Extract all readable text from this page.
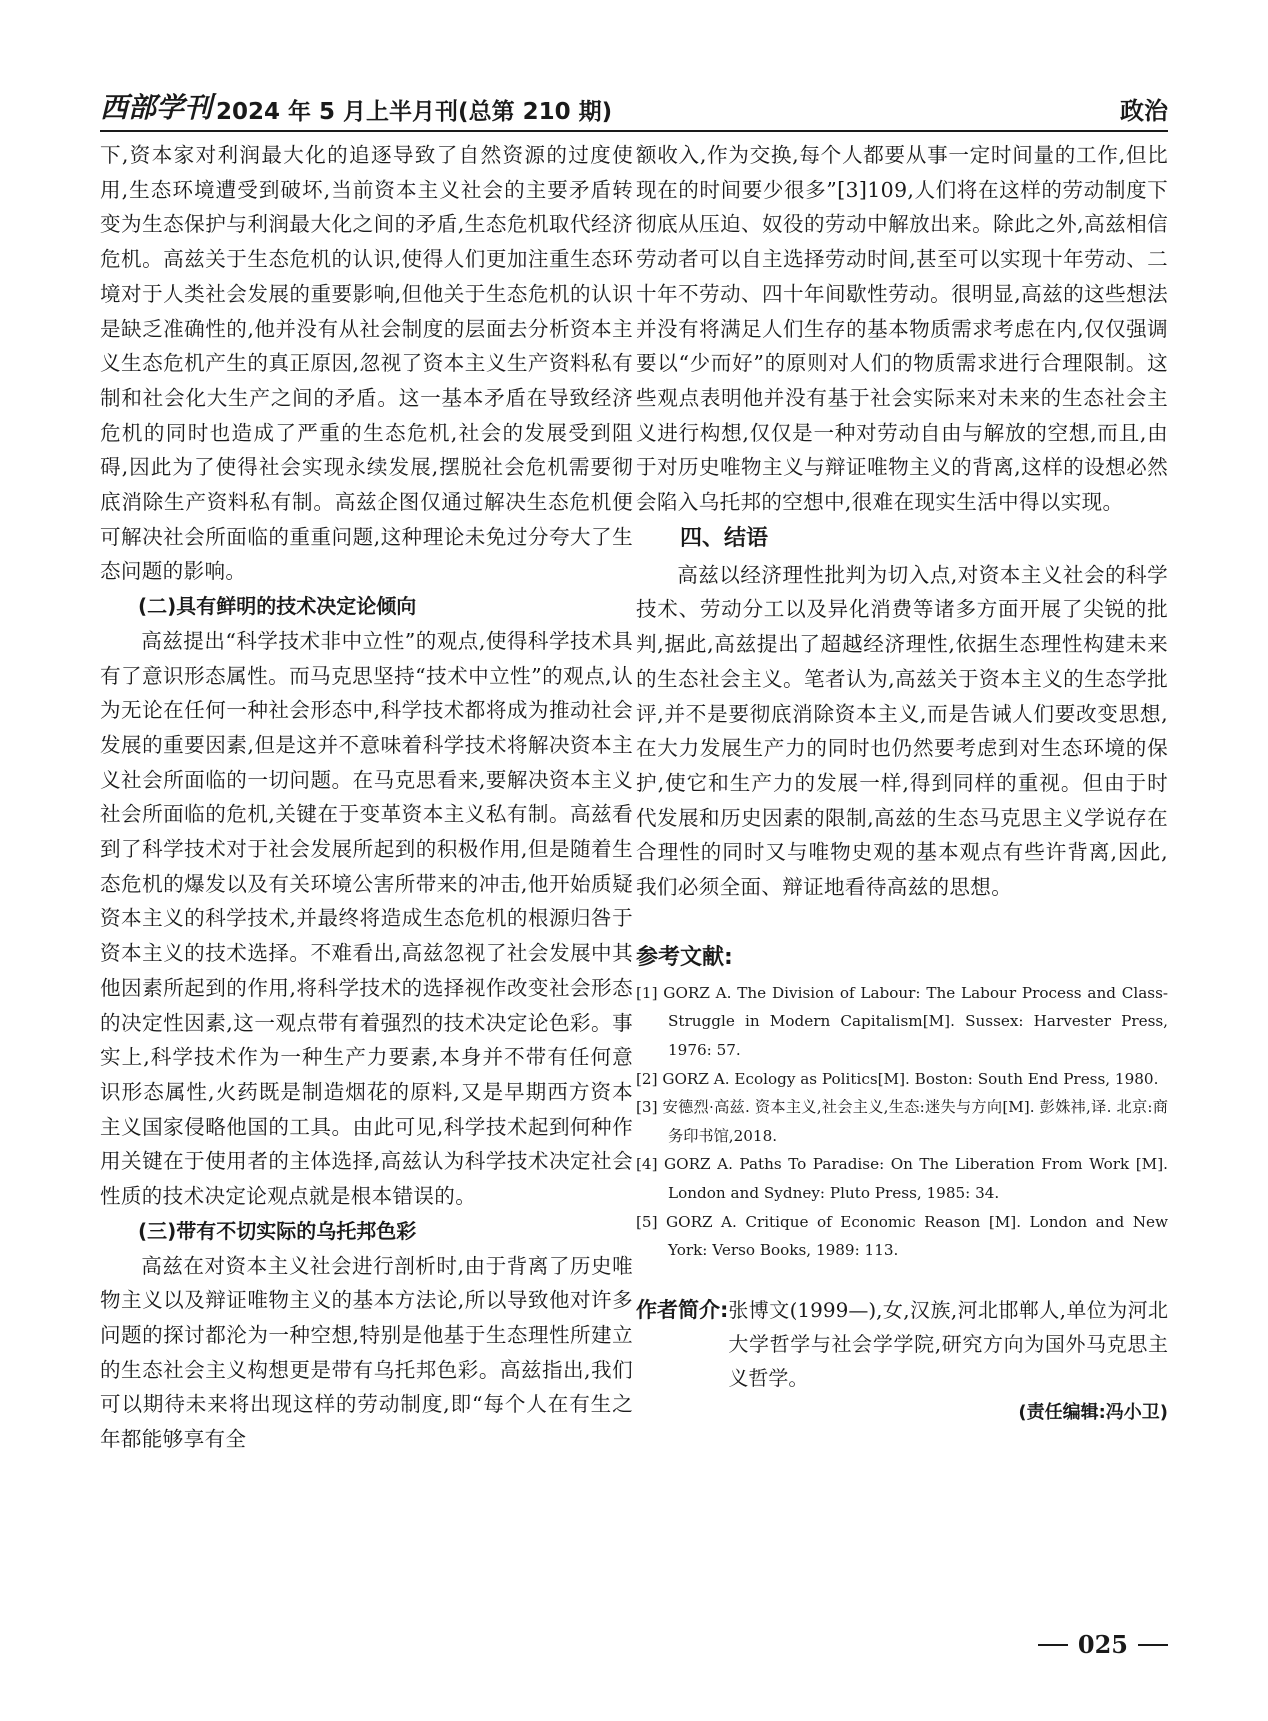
西部学刊 2024 年 5 月上半月刊(总第 210 期)	政治

下,资本家对利润最大化的追逐导致了自然资源的过度使用,生态环境遭受到破坏,当前资本主义社会的主要矛盾转变为生态保护与利润最大化之间的矛盾,生态危机取代经济危机。高兹关于生态危机的认识,使得人们更加注重生态环境对于人类社会发展的重要影响,但他关于生态危机的认识是缺乏准确性的,他并没有从社会制度的层面去分析资本主义生态危机产生的真正原因,忽视了资本主义生产资料私有制和社会化大生产之间的矛盾。这一基本矛盾在导致经济危机的同时也造成了严重的生态危机,社会的发展受到阻碍,因此为了使得社会实现永续发展,摆脱社会危机需要彻底消除生产资料私有制。高兹企图仅通过解决生态危机便可解决社会所面临的重重问题,这种理论未免过分夸大了生态问题的影响。

(二)具有鲜明的技术决定论倾向

高兹提出“科学技术非中立性”的观点,使得科学技术具有了意识形态属性。而马克思坚持“技术中立性”的观点,认为无论在任何一种社会形态中,科学技术都将成为推动社会发展的重要因素,但是这并不意味着科学技术将解决资本主义社会所面临的一切问题。在马克思看来,要解决资本主义社会所面临的危机,关键在于变革资本主义私有制。高兹看到了科学技术对于社会发展所起到的积极作用,但是随着生态危机的爆发以及有关环境公害所带来的冲击,他开始质疑资本主义的科学技术,并最终将造成生态危机的根源归咎于资本主义的技术选择。不难看出,高兹忽视了社会发展中其他因素所起到的作用,将科学技术的选择视作改变社会形态的决定性因素,这一观点带有着强烈的技术决定论色彩。事实上,科学技术作为一种生产力要素,本身并不带有任何意识形态属性,火药既是制造烟花的原料,又是早期西方资本主义国家侵略他国的工具。由此可见,科学技术起到何种作用关键在于使用者的主体选择,高兹认为科学技术决定社会性质的技术决定论观点就是根本错误的。

(三)带有不切实际的乌托邦色彩

高兹在对资本主义社会进行剖析时,由于背离了历史唯物主义以及辩证唯物主义的基本方法论,所以导致他对许多问题的探讨都沦为一种空想,特别是他基于生态理性所建立的生态社会主义构想更是带有乌托邦色彩。高兹指出,我们可以期待未来将出现这样的劳动制度,即“每个人在有生之年都能够享有全

额收入,作为交换,每个人都要从事一定时间量的工作,但比现在的时间要少很多”[3]109,人们将在这样的劳动制度下彻底从压迫、奴役的劳动中解放出来。除此之外,高兹相信劳动者可以自主选择劳动时间,甚至可以实现十年劳动、二十年不劳动、四十年间歇性劳动。很明显,高兹的这些想法并没有将满足人们生存的基本物质需求考虑在内,仅仅强调要以“少而好”的原则对人们的物质需求进行合理限制。这些观点表明他并没有基于社会实际来对未来的生态社会主义进行构想,仅仅是一种对劳动自由与解放的空想,而且,由于对历史唯物主义与辩证唯物主义的背离,这样的设想必然会陷入乌托邦的空想中,很难在现实生活中得以实现。

四、结语

高兹以经济理性批判为切入点,对资本主义社会的科学技术、劳动分工以及异化消费等诸多方面开展了尖锐的批判,据此,高兹提出了超越经济理性,依据生态理性构建未来的生态社会主义。笔者认为,高兹关于资本主义的生态学批评,并不是要彻底消除资本主义,而是告诫人们要改变思想,在大力发展生产力的同时也仍然要考虑到对生态环境的保护,使它和生产力的发展一样,得到同样的重视。但由于时代发展和历史因素的限制,高兹的生态马克思主义学说存在合理性的同时又与唯物史观的基本观点有些许背离,因此,我们必须全面、辩证地看待高兹的思想。

参考文献:
[1] GORZ A. The Division of Labour: The Labour Process and Class-Struggle in Modern Capitalism[M]. Sussex: Harvester Press, 1976: 57.
[2] GORZ A. Ecology as Politics[M]. Boston: South End Press, 1980.
[3] 安德烈·高兹. 资本主义,社会主义,生态:迷失与方向[M]. 彭姝祎,译. 北京:商务印书馆,2018.
[4] GORZ A. Paths To Paradise: On The Liberation From Work [M]. London and Sydney: Pluto Press, 1985: 34.
[5] GORZ A. Critique of Economic Reason [M]. London and New York: Verso Books, 1989: 113.
作者简介: 张博文(1999—),女,汉族,河北邯郸人,单位为河北大学哲学与社会学学院,研究方向为国外马克思主义哲学。
(责任编辑:冯小卫)
025
